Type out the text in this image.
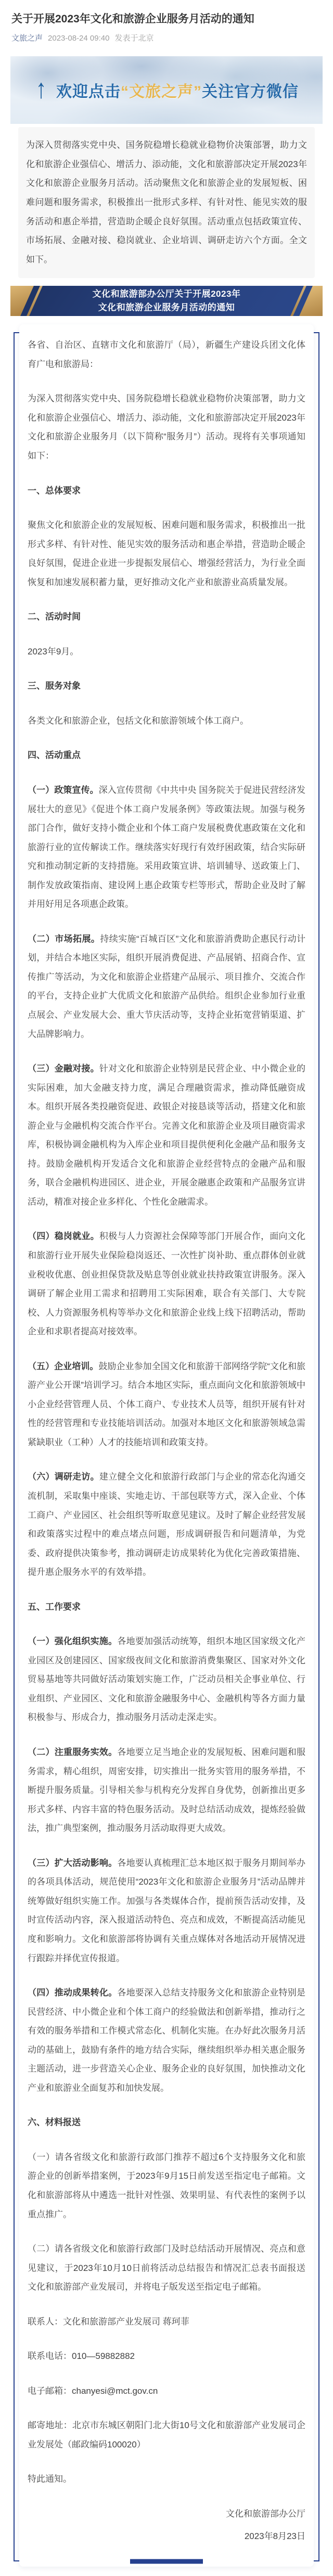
关于开展2023年文化和旅游企业服务月活动的通知
文旅之声 2023-08-24 09:40 发表于北京
↑ 欢迎点击“文旅之声”关注官方微信
为深入贯彻落实党中央、国务院稳增长稳就业稳物价决策部署，助力文化和旅游企业强信心、增活力、添动能，文化和旅游部决定开展2023年文化和旅游企业服务月活动。活动聚焦文化和旅游企业的发展短板、困难问题和服务需求，积极推出一批形式多样、有针对性、能见实效的服务活动和惠企举措，营造助企暖企良好氛围。活动重点包括政策宣传、市场拓展、金融对接、稳岗就业、企业培训、调研走访六个方面。全文如下。
文化和旅游部办公厅关于开展2023年
文化和旅游企业服务月活动的通知

各省、自治区、直辖市文化和旅游厅（局），新疆生产建设兵团文化体育广电和旅游局：

为深入贯彻落实党中央、国务院稳增长稳就业稳物价决策部署，助力文化和旅游企业强信心、增活力、添动能，文化和旅游部决定开展2023年文化和旅游企业服务月（以下简称“服务月”）活动。现将有关事项通知如下：

一、总体要求

聚焦文化和旅游企业的发展短板、困难问题和服务需求，积极推出一批形式多样、有针对性、能见实效的服务活动和惠企举措，营造助企暖企良好氛围，促进企业进一步提振发展信心、增强经营活力，为行业全面恢复和加速发展积蓄力量，更好推动文化产业和旅游业高质量发展。

二、活动时间

2023年9月。

三、服务对象

各类文化和旅游企业，包括文化和旅游领域个体工商户。

四、活动重点

（一）政策宣传。深入宣传贯彻《中共中央 国务院关于促进民营经济发展壮大的意见》《促进个体工商户发展条例》等政策法规。加强与税务部门合作，做好支持小微企业和个体工商户发展税费优惠政策在文化和旅游行业的宣传解读工作。继续落实好现行有效纾困政策，结合实际研究和推动制定新的支持措施。采用政策宣讲、培训辅导、送政策上门、制作发放政策指南、建设网上惠企政策专栏等形式，帮助企业及时了解并用好用足各项惠企政策。

（二）市场拓展。持续实施“百城百区”文化和旅游消费助企惠民行动计划，并结合本地区实际，组织开展消费促进、产品展销、招商合作、宣传推广等活动，为文化和旅游企业搭建产品展示、项目推介、交流合作的平台，支持企业扩大优质文化和旅游产品供给。组织企业参加行业重点展会、产业发展大会、重大节庆活动等，支持企业拓宽营销渠道、扩大品牌影响力。

（三）金融对接。针对文化和旅游企业特别是民营企业、中小微企业的实际困难，加大金融支持力度，满足合理融资需求，推动降低融资成本。组织开展各类投融资促进、政银企对接恳谈等活动，搭建文化和旅游企业与金融机构交流合作平台。完善文化和旅游企业及项目融资需求库，积极协调金融机构为入库企业和项目提供便利化金融产品和服务支持。鼓励金融机构开发适合文化和旅游企业经营特点的金融产品和服务，联合金融机构进园区、进企业，开展金融惠企政策和产品服务宣讲活动，精准对接企业多样化、个性化金融需求。

（四）稳岗就业。积极与人力资源社会保障等部门开展合作，面向文化和旅游行业开展失业保险稳岗返还、一次性扩岗补助、重点群体创业就业税收优惠、创业担保贷款及贴息等创业就业扶持政策宣讲服务。深入调研了解企业用工需求和招聘用工实际困难，联合有关部门、大专院校、人力资源服务机构等举办文化和旅游企业线上线下招聘活动，帮助企业和求职者提高对接效率。

（五）企业培训。鼓励企业参加全国文化和旅游干部网络学院“文化和旅游产业公开课”培训学习。结合本地区实际，重点面向文化和旅游领域中小企业经营管理人员、个体工商户、专业技术人员等，组织开展有针对性的经营管理和专业技能培训活动。加强对本地区文化和旅游领域急需紧缺职业（工种）人才的技能培训和政策支持。

（六）调研走访。建立健全文化和旅游行政部门与企业的常态化沟通交流机制，采取集中座谈、实地走访、干部包联等方式，深入企业、个体工商户、产业园区、社会组织等听取意见建议。及时了解企业经营发展和政策落实过程中的难点堵点问题，形成调研报告和问题清单，为党委、政府提供决策参考，推动调研走访成果转化为优化完善政策措施、提升惠企服务水平的有效举措。

五、工作要求

（一）强化组织实施。各地要加强活动统筹，组织本地区国家级文化产业园区及创建园区、国家级夜间文化和旅游消费集聚区、国家对外文化贸易基地等共同做好活动策划实施工作，广泛动员相关企事业单位、行业组织、产业园区、文化和旅游金融服务中心、金融机构等各方面力量积极参与、形成合力，推动服务月活动走深走实。

（二）注重服务实效。各地要立足当地企业的发展短板、困难问题和服务需求，精心组织，周密安排，切实推出一批务实管用的服务举措，不断提升服务质量。引导相关参与机构充分发挥自身优势，创新推出更多形式多样、内容丰富的特色服务活动。及时总结活动成效，提炼经验做法，推广典型案例，推动服务月活动取得更大成效。

（三）扩大活动影响。各地要认真梳理汇总本地区拟于服务月期间举办的各项具体活动，规范使用“2023年文化和旅游企业服务月”活动品牌并统筹做好组织实施工作。加强与各类媒体合作，提前预告活动安排，及时宣传活动内容，深入报道活动特色、亮点和成效，不断提高活动能见度和影响力。文化和旅游部将协调有关重点媒体对各地活动开展情况进行跟踪并择优宣传报道。

（四）推动成果转化。各地要深入总结支持服务文化和旅游企业特别是民营经济、中小微企业和个体工商户的经验做法和创新举措，推动行之有效的服务举措和工作模式常态化、机制化实施。在办好此次服务月活动的基础上，鼓励有条件的地方结合实际，继续组织举办相关惠企服务主题活动，进一步营造关心企业、服务企业的良好氛围，加快推动文化产业和旅游业全面复苏和加快发展。

六、材料报送

（一）请各省级文化和旅游行政部门推荐不超过6个支持服务文化和旅游企业的创新举措案例，于2023年9月15日前发送至指定电子邮箱。文化和旅游部将从中遴选一批针对性强、效果明显、有代表性的案例予以重点推广。

（二）请各省级文化和旅游行政部门及时总结活动开展情况、亮点和意见建议，于2023年10月10日前将活动总结报告和情况汇总表书面报送文化和旅游部产业发展司，并将电子版发送至指定电子邮箱。

联系人：文化和旅游部产业发展司 蒋珂菲

联系电话：010—59882882

电子邮箱：chanyesi@mct.gov.cn

邮寄地址：北京市东城区朝阳门北大街10号文化和旅游部产业发展司企业发展处（邮政编码100020）

特此通知。

文化和旅游部办公厅

2023年8月23日
